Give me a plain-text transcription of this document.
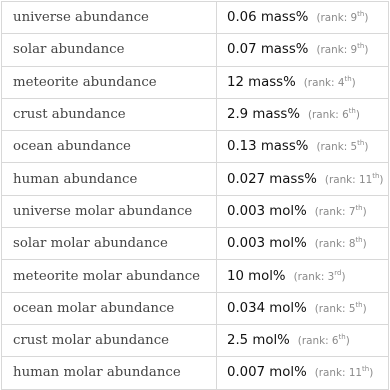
universe abundance	0.06 mass% (rank: 9th)
solar abundance	0.07 mass% (rank: 9th)
meteorite abundance	12 mass% (rank: 4th)
crust abundance	2.9 mass% (rank: 6th)
ocean abundance	0.13 mass% (rank: 5th)
human abundance	0.027 mass% (rank: 11th)
universe molar abundance	0.003 mol% (rank: 7th)
solar molar abundance	0.003 mol% (rank: 8th)
meteorite molar abundance	10 mol% (rank: 3rd)
ocean molar abundance	0.034 mol% (rank: 5th)
crust molar abundance	2.5 mol% (rank: 6th)
human molar abundance	0.007 mol% (rank: 11th)
